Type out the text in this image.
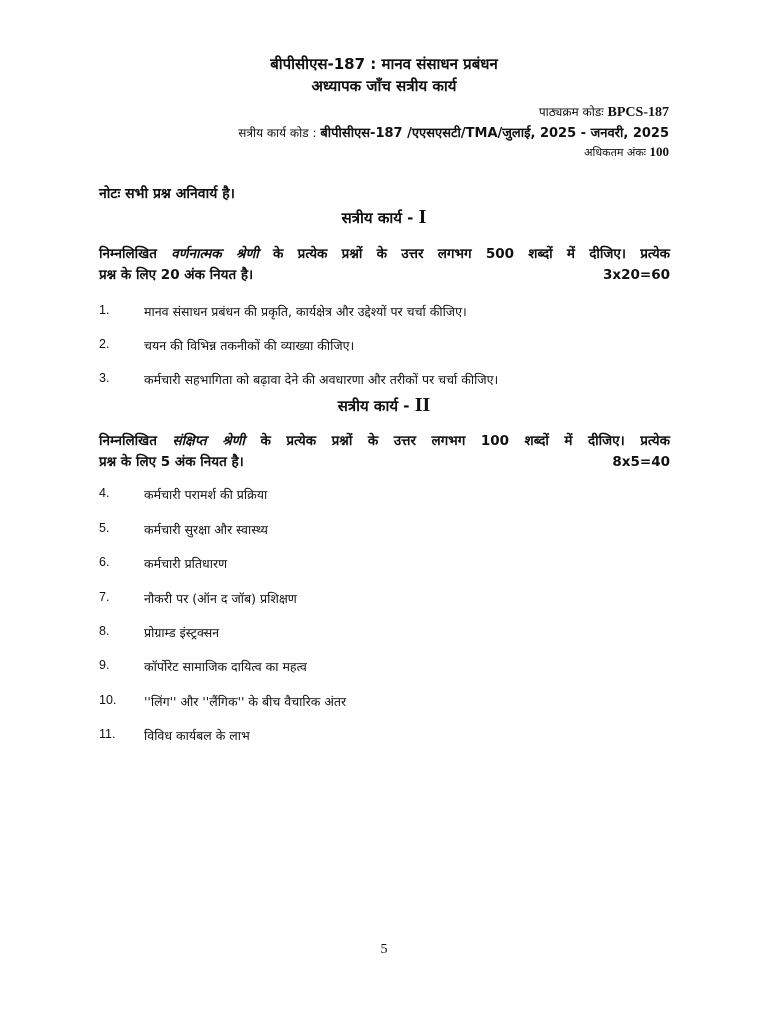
बीपीसीएस-187 : मानव संसाधन प्रबंधन
अध्यापक जाँच सत्रीय कार्य
पाठ्यक्रम कोडः BPCS-187
सत्रीय कार्य कोड : बीपीसीएस-187 /एएसएसटी/TMA/जुलाई, 2025 - जनवरी, 2025
अधिकतम अंकः 100
नोटः सभी प्रश्न अनिवार्य है।
सत्रीय कार्य - I
निम्नलिखित वर्णनात्मक श्रेणी के प्रत्येक प्रश्नों के उत्तर लगभग 500 शब्दों में दीजिए। प्रत्येक
प्रश्न के लिए 20 अंक नियत है।	3x20=60
1.	मानव संसाधन प्रबंधन की प्रकृति, कार्यक्षेत्र और उद्देश्यों पर चर्चा कीजिए।
2.	चयन की विभिन्न तकनीकों की व्याख्या कीजिए।
3.	कर्मचारी सहभागिता को बढ़ावा देने की अवधारणा और तरीकों पर चर्चा कीजिए।
सत्रीय कार्य - II
निम्नलिखित संक्षिप्त श्रेणी के प्रत्येक प्रश्नों के उत्तर लगभग 100 शब्दों में दीजिए। प्रत्येक
प्रश्न के लिए 5 अंक नियत है।	8x5=40
4.	कर्मचारी परामर्श की प्रक्रिया
5.	कर्मचारी सुरक्षा और स्वास्थ्य
6.	कर्मचारी प्रतिधारण
7.	नौकरी पर (ऑन द जॉब) प्रशिक्षण
8.	प्रोग्राम्ड इंस्ट्रक्सन
9.	कॉर्पोरेट सामाजिक दायित्व का महत्व
10.	''लिंग'' और ''लैंगिक'' के बीच वैचारिक अंतर
11.	विविध कार्यबल के लाभ
5
